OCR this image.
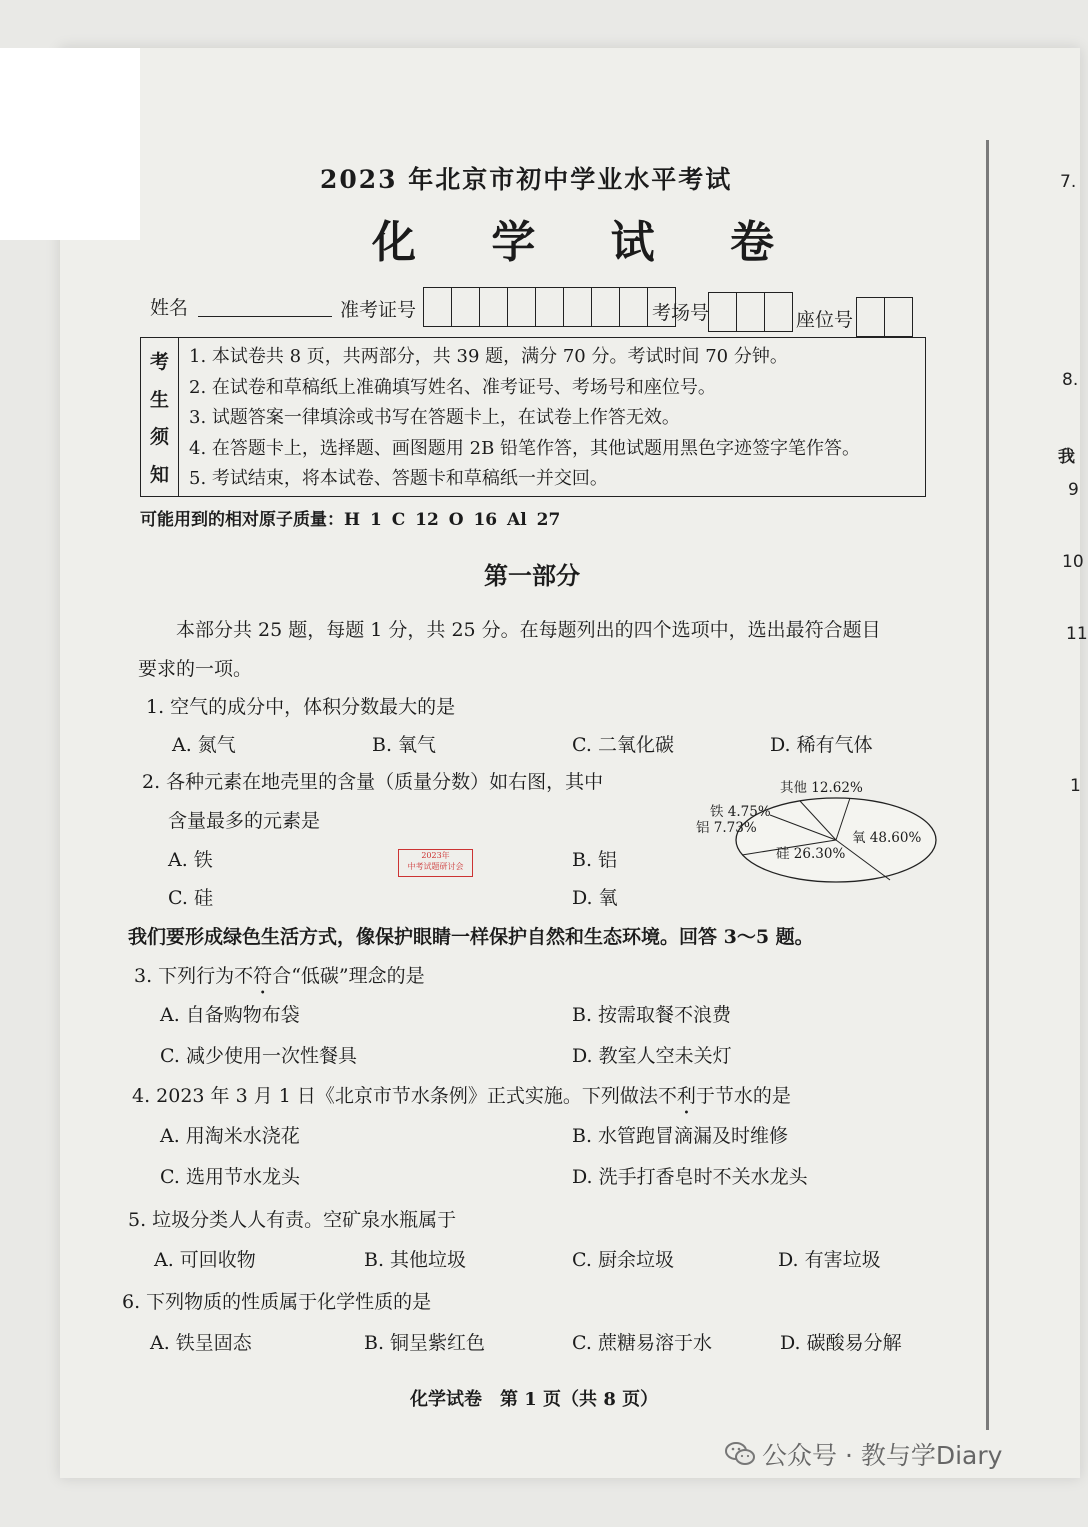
7.
8.
我
9
10
11
1
2023 年北京市初中学业水平考试
化 学 试 卷
姓名	准考证号	考场号	座位号
考
生
须
知
1. 本试卷共 8 页，共两部分，共 39 题，满分 70 分。考试时间 70 分钟。
2. 在试卷和草稿纸上准确填写姓名、准考证号、考场号和座位号。
3. 试题答案一律填涂或书写在答题卡上，在试卷上作答无效。
4. 在答题卡上，选择题、画图题用 2B 铅笔作答，其他试题用黑色字迹签字笔作答。
5. 考试结束，将本试卷、答题卡和草稿纸一并交回。
可能用到的相对原子质量：H 1 C 12 O 16 Al 27
第一部分
本部分共 25 题，每题 1 分，共 25 分。在每题列出的四个选项中，选出最符合题目
要求的一项。
1. 空气的成分中，体积分数最大的是
A. 氮气	B. 氧气	C. 二氧化碳	D. 稀有气体
2. 各种元素在地壳里的含量（质量分数）如右图，其中
含量最多的元素是
A. 铁	B. 铝
C. 硅	D. 氧
2023年
中考试题研讨会
其他 12.62%
铁 4.75%
铝 7.73%
氧 48.60%
硅 26.30%
我们要形成绿色生活方式，像保护眼睛一样保护自然和生态环境。回答 3～5 题。
3. 下列行为不符合“低碳”理念的是
A. 自备购物布袋	B. 按需取餐不浪费
C. 减少使用一次性餐具	D. 教室人空未关灯
4. 2023 年 3 月 1 日《北京市节水条例》正式实施。下列做法不利于节水的是
A. 用淘米水浇花	B. 水管跑冒滴漏及时维修
C. 选用节水龙头	D. 洗手打香皂时不关水龙头
5. 垃圾分类人人有责。空矿泉水瓶属于
A. 可回收物	B. 其他垃圾	C. 厨余垃圾	D. 有害垃圾
6. 下列物质的性质属于化学性质的是
A. 铁呈固态	B. 铜呈紫红色	C. 蔗糖易溶于水	D. 碳酸易分解
化学试卷　第 1 页（共 8 页）
公众号 · 教与学Diary
